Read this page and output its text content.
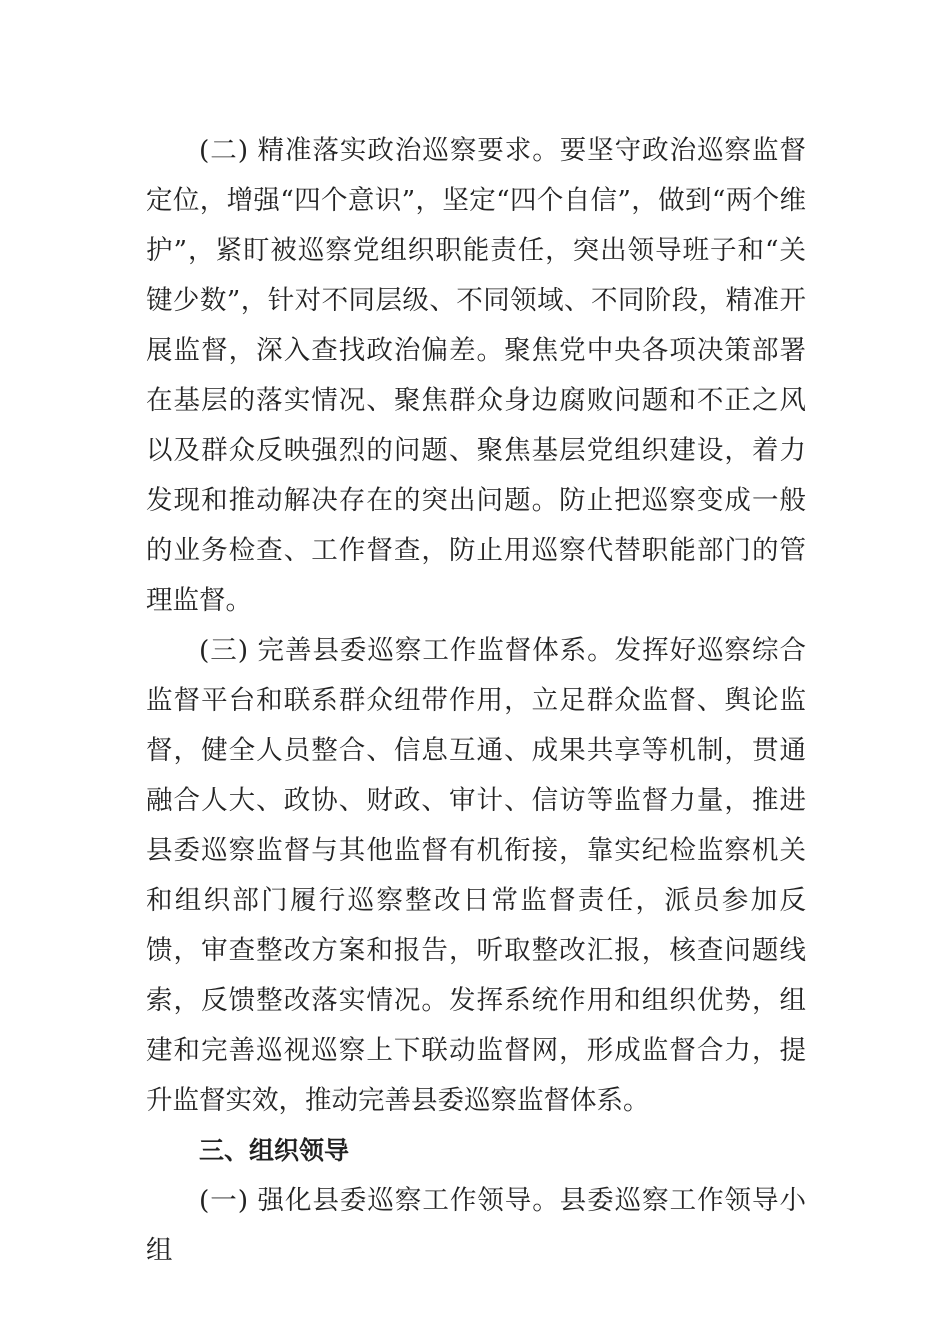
(二) 精准落实政治巡察要求。要坚守政治巡察监督定位，增强“四个意识”，坚定“四个自信”，做到“两个维护”，紧盯被巡察党组织职能责任，突出领导班子和“关键少数”，针对不同层级、不同领域、不同阶段，精准开展监督，深入查找政治偏差。聚焦党中央各项决策部署在基层的落实情况、聚焦群众身边腐败问题和不正之风以及群众反映强烈的问题、聚焦基层党组织建设，着力发现和推动解决存在的突出问题。防止把巡察变成一般的业务检查、工作督查，防止用巡察代替职能部门的管理监督。

(三) 完善县委巡察工作监督体系。发挥好巡察综合监督平台和联系群众纽带作用，立足群众监督、舆论监督，健全人员整合、信息互通、成果共享等机制，贯通融合人大、政协、财政、审计、信访等监督力量，推进县委巡察监督与其他监督有机衔接，靠实纪检监察机关和组织部门履行巡察整改日常监督责任，派员参加反馈，审查整改方案和报告，听取整改汇报，核查问题线索，反馈整改落实情况。发挥系统作用和组织优势，组建和完善巡视巡察上下联动监督网，形成监督合力，提升监督实效，推动完善县委巡察监督体系。

三、组织领导

(一) 强化县委巡察工作领导。县委巡察工作领导小组
